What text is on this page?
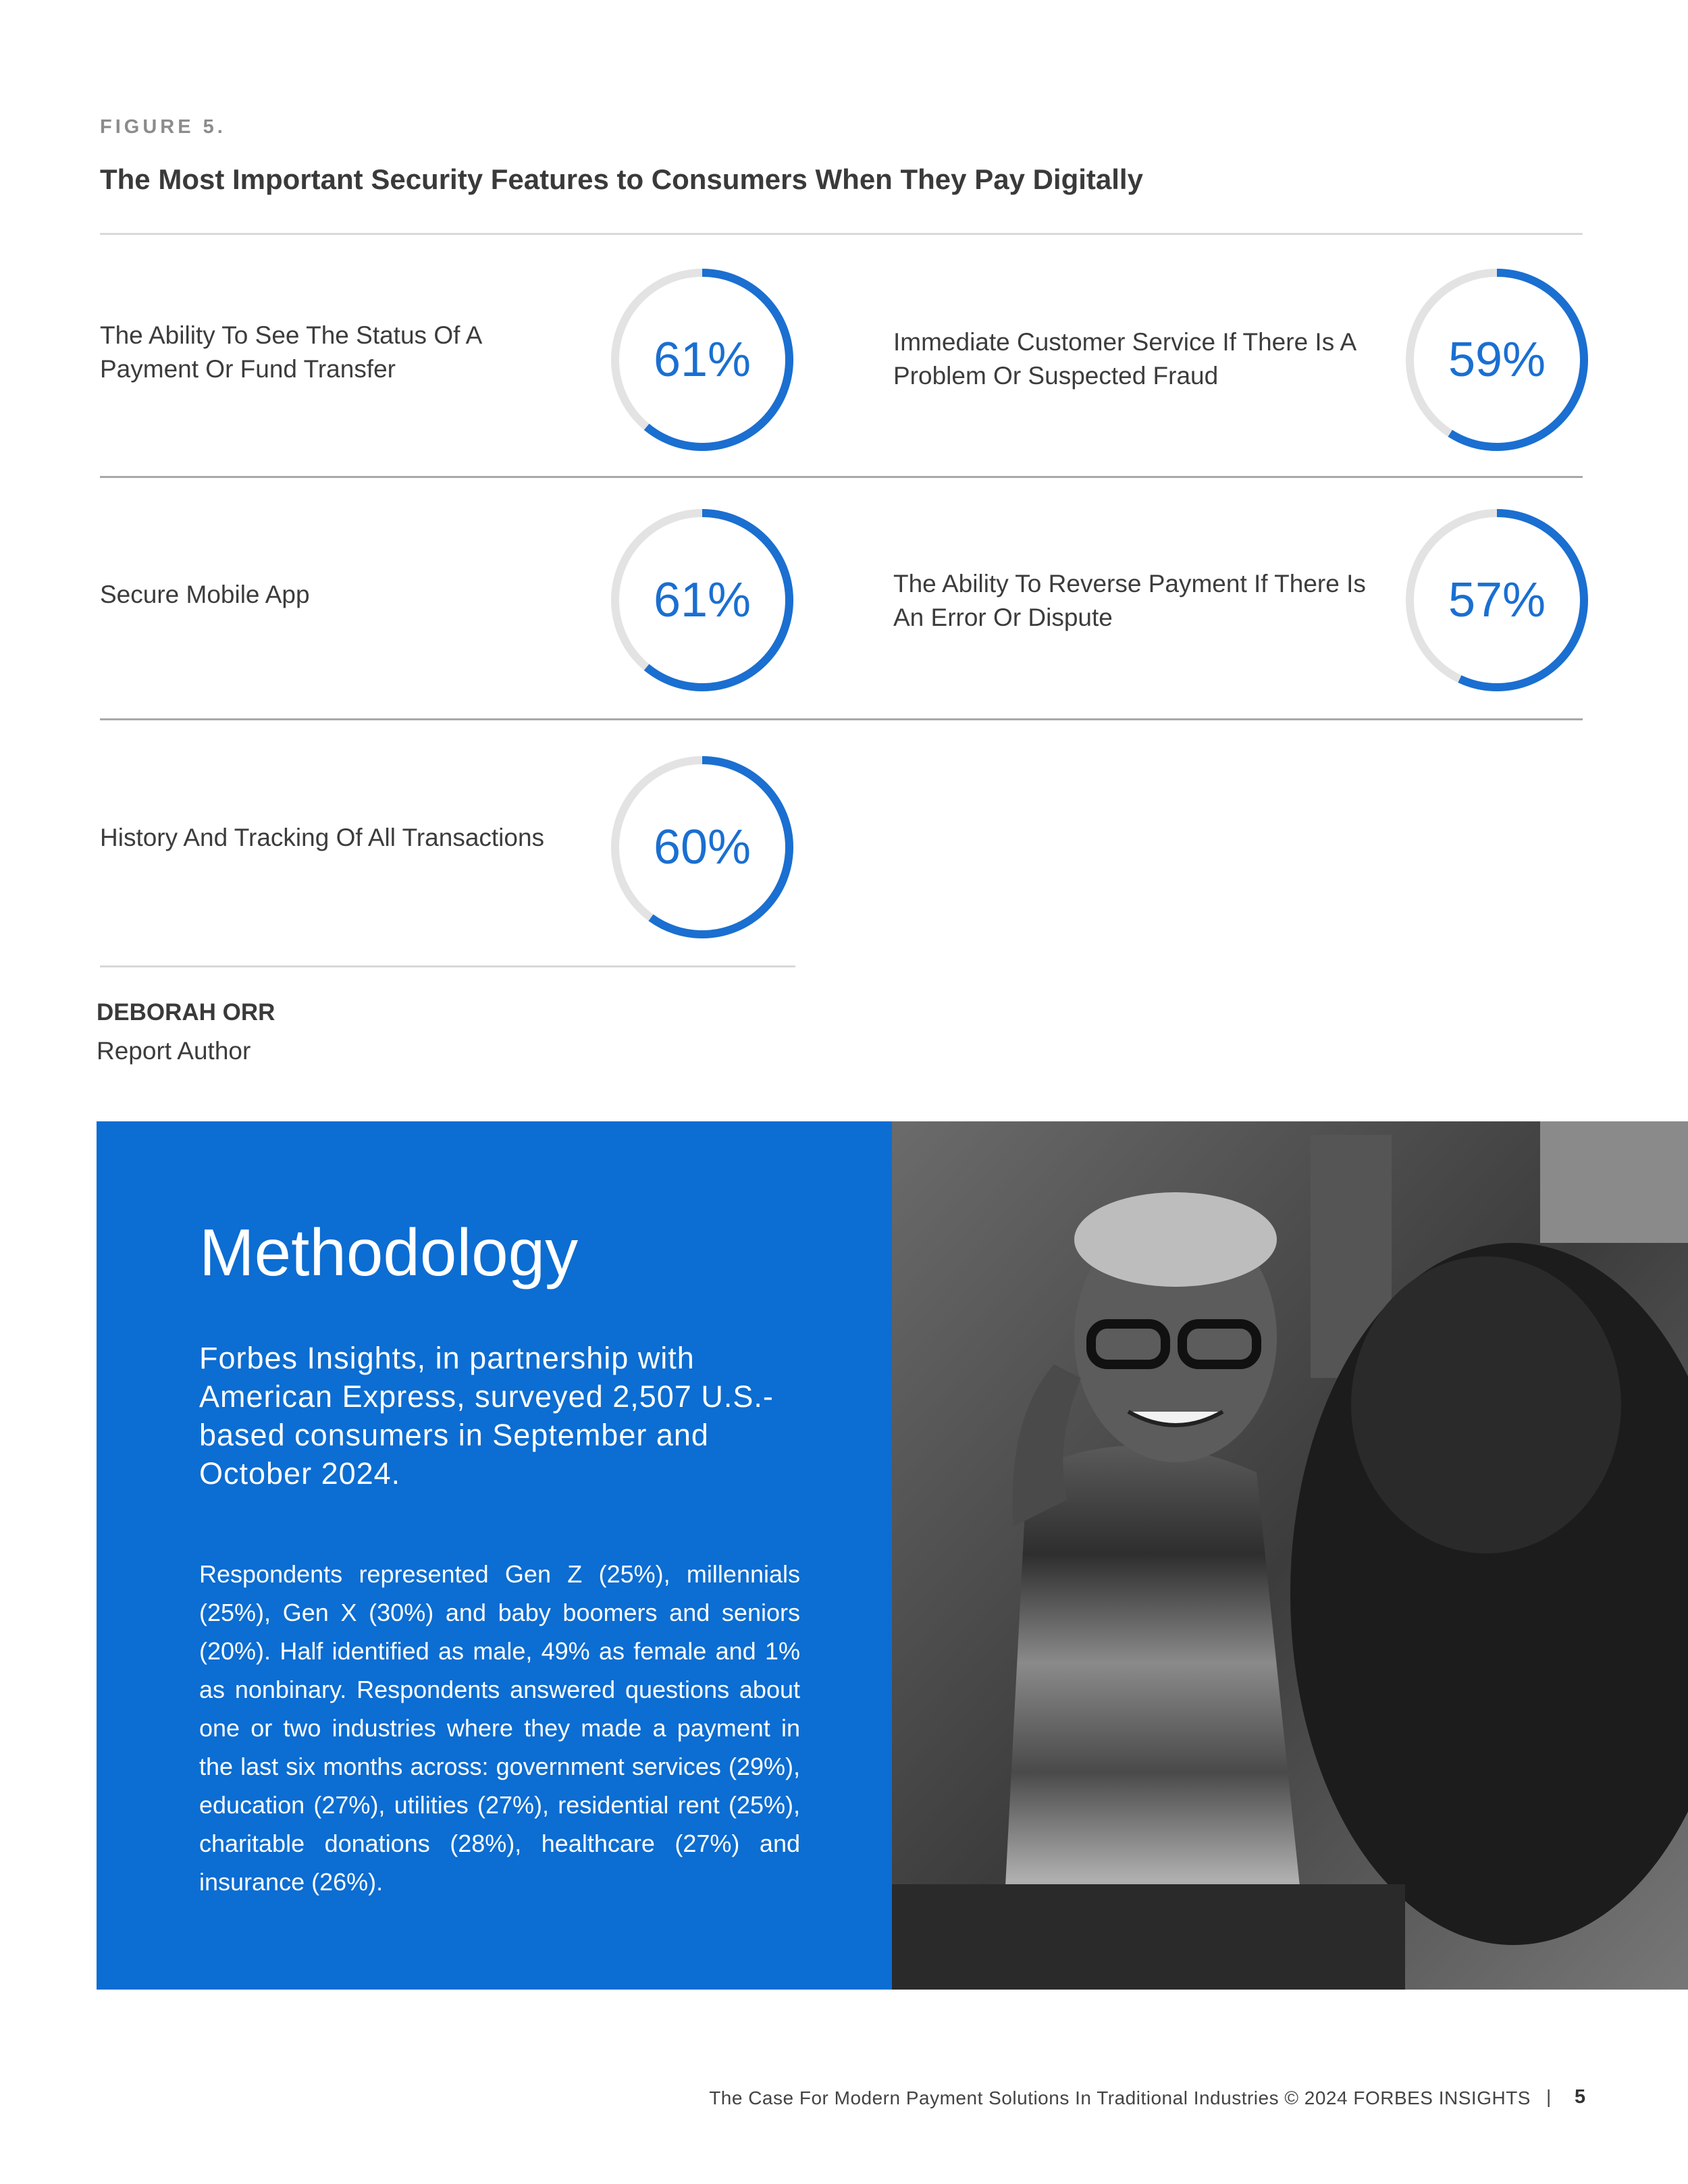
FIGURE 5.
The Most Important Security Features to Consumers When They Pay Digitally
The Ability To See The Status Of A Payment Or Fund Transfer	61%	Immediate Customer Service If There Is A Problem Or Suspected Fraud	59%
Secure Mobile App	61%	The Ability To Reverse Payment If There Is An Error Or Dispute	57%
History And Tracking Of All Transactions	60%
DEBORAH ORR
Report Author
Methodology
Forbes Insights, in partnership with American Express, surveyed 2,507 U.S.-based consumers in September and October 2024.
Respondents represented Gen Z (25%), millennials (25%), Gen X (30%) and baby boomers and seniors (20%). Half identified as male, 49% as female and 1% as nonbinary. Respondents answered questions about one or two industries where they made a payment in the last six months across: government services (29%), education (27%), utilities (27%), residential rent (25%), charitable donations (28%), healthcare (27%) and insurance (26%).
The Case For Modern Payment Solutions In Traditional Industries © 2024 FORBES INSIGHTS | 5
